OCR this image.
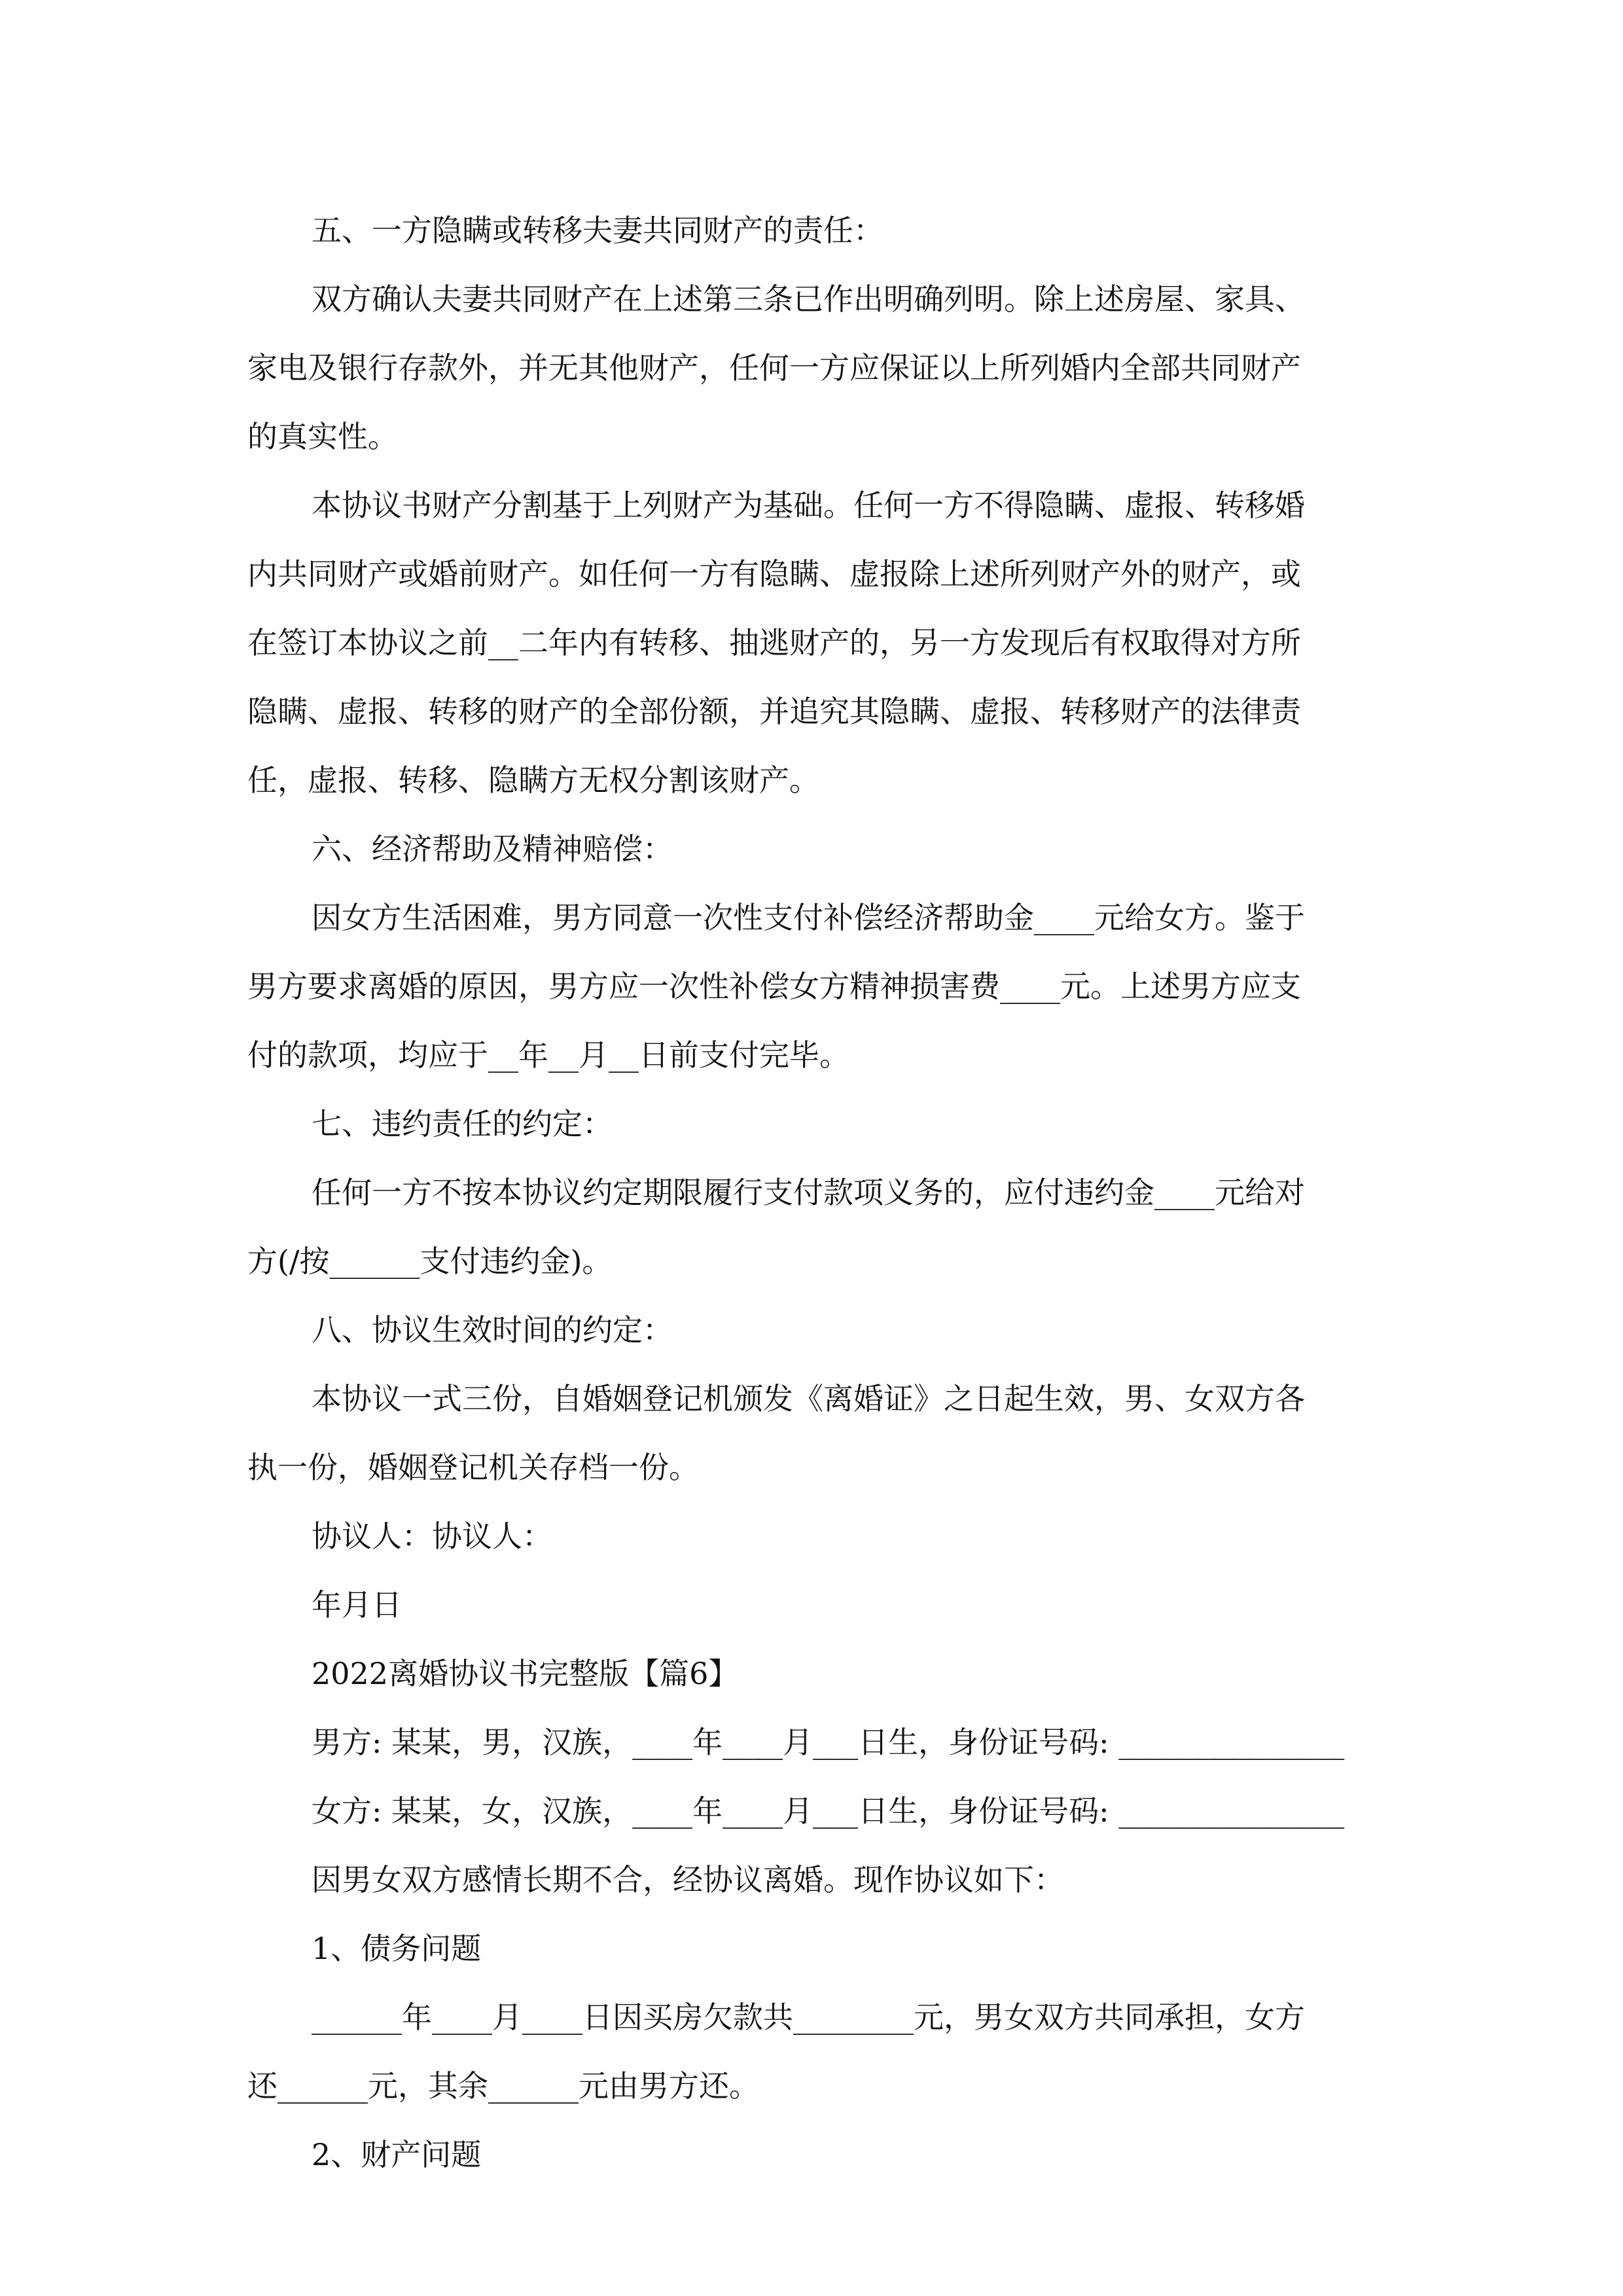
五、一方隐瞒或转移夫妻共同财产的责任：
双方确认夫妻共同财产在上述第三条已作出明确列明。除上述房屋、家具、
家电及银行存款外，并无其他财产，任何一方应保证以上所列婚内全部共同财产
的真实性。
本协议书财产分割基于上列财产为基础。任何一方不得隐瞒、虚报、转移婚
内共同财产或婚前财产。如任何一方有隐瞒、虚报除上述所列财产外的财产，或
在签订本协议之前__二年内有转移、抽逃财产的，另一方发现后有权取得对方所
隐瞒、虚报、转移的财产的全部份额，并追究其隐瞒、虚报、转移财产的法律责
任，虚报、转移、隐瞒方无权分割该财产。
六、经济帮助及精神赔偿：
因女方生活困难，男方同意一次性支付补偿经济帮助金____元给女方。鉴于
男方要求离婚的原因，男方应一次性补偿女方精神损害费____元。上述男方应支
付的款项，均应于__年__月__日前支付完毕。
七、违约责任的约定：
任何一方不按本协议约定期限履行支付款项义务的，应付违约金____元给对
方(/按______支付违约金)。
八、协议生效时间的约定：
本协议一式三份，自婚姻登记机颁发《离婚证》之日起生效，男、女双方各
执一份，婚姻登记机关存档一份。
协议人：协议人：
年月日
2022离婚协议书完整版【篇6】
男方: 某某，男，汉族，____年____月___日生，身份证号码: _______________
女方: 某某，女，汉族，____年____月___日生，身份证号码: _______________
因男女双方感情长期不合，经协议离婚。现作协议如下：
1、债务问题
______年____月____日因买房欠款共________元，男女双方共同承担，女方
还______元，其余______元由男方还。
2、财产问题
